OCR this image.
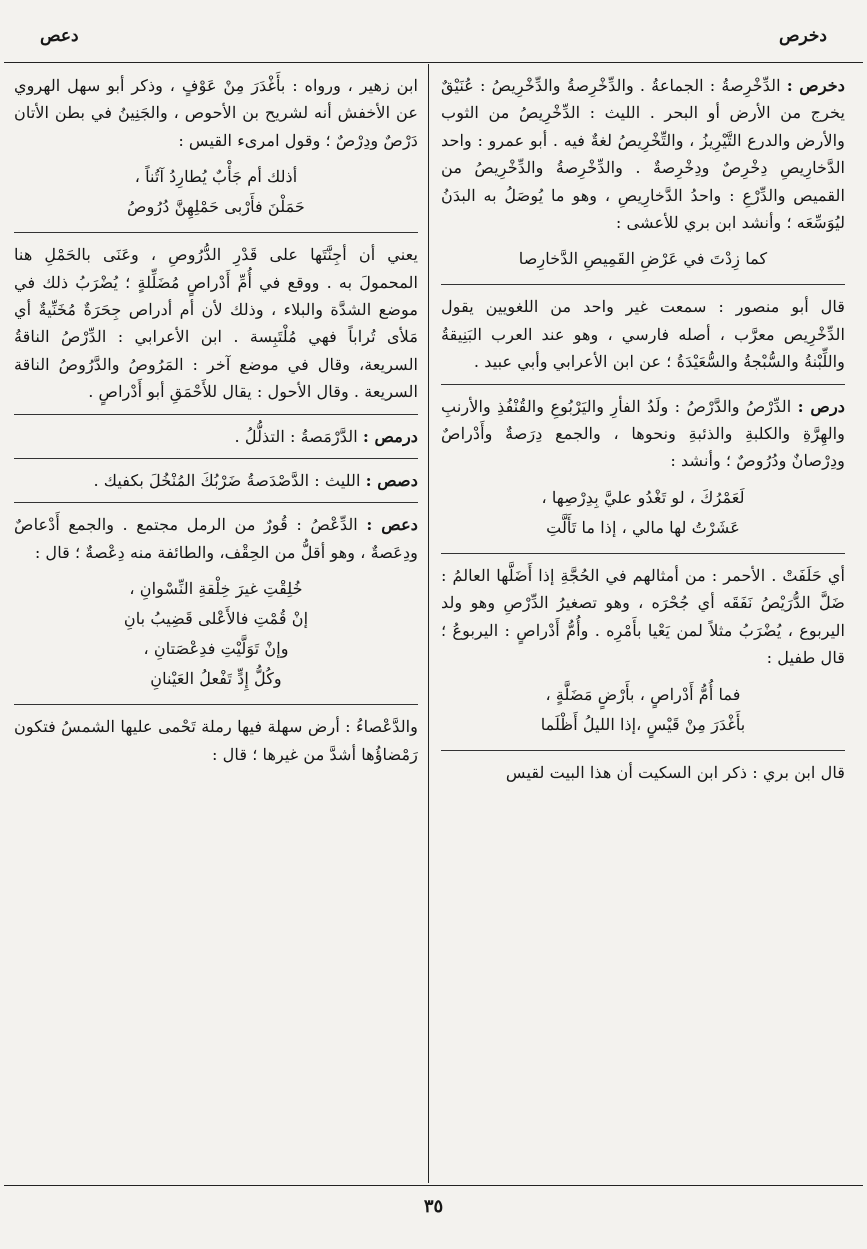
دخرص
دعص

دخرص : الدِّخْرِصةُ : الجماعةُ . والدِّخْرِصةُ والدِّخْرِيصُ : عُنَيْقٌ يخرج من الأرض أو البحر . الليث : الدِّخْرِيصُ من الثوب والأرض والدرع التَّيْرِيزُ ، والتِّخْرِيصُ لغةٌ فيه . أبو عمرو : واحد الدَّخارِيصِ دِخْرِصٌ ودِخْرِصةٌ . والدِّخْرِصةُ والدِّخْرِيصُ من القميص والدِّرْعِ : واحدُ الدَّخارِيصِ ، وهو ما يُوصَلُ به البدَنُ ليُوَسِّعَه ؛ وأنشد ابن بري للأعشى :

كما زِدْتَ في عَرْضِ القَمِيصِ الدَّخارِصا

قال أبو منصور : سمعت غير واحد من اللغويين يقول الدِّخْرِيص معرَّب ، أصله فارسي ، وهو عند العرب البَنِيقةُ واللِّبْنةُ والسُّبْجةُ والسُّعَيْدَةُ ؛ عن ابن الأعرابي وأبي عبيد .

درص : الدِّرْصُ والدَّرْصُ : ولَدُ الفأرِ واليَرْبُوعِ والقُنْفُذِ والأرنبِ والهِرَّةِ والكلبةِ والذئبةِ ونحوها ، والجمع دِرَصةٌ وأَدْراصٌ ودِرْصانٌ ودُرُوصٌ ؛ وأنشد :

لَعَمْرُكَ ، لو تَغْدُو عليَّ بِدِرْصِها ،
عَشَرْتُ لها مالي ، إذا ما تَأَلَّتِ

أي حَلَفَتْ . الأحمر : من أمثالهم في الحُجَّةِ إذا أَضَلَّها العالمُ : ضَلَّ الدُّرَيْصُ نَفَقَه أي جُحْرَه ، وهو تصغيرُ الدِّرْصِ وهو ولد اليربوع ، يُضْرَبُ مثلاً لمن يَعْيا بأَمْرِه . وأُمُّ أَدْراصٍ : اليربوعُ ؛ قال طفيل :

فما أُمُّ أَدْراصٍ ، بأَرْضٍ مَضَلَّةٍ ،
بأَغْدَرَ مِنْ قَيْسٍ ،إذا الليلُ أَظْلَما

قال ابن بري : ذكر ابن السكيت أن هذا البيت لقيس

ابن زهير ، ورواه : بأَغْدَرَ مِنْ عَوْفٍ ، وذكر أبو سهل الهروي عن الأخفش أنه لشريح بن الأحوص ، والجَنِينُ في بطن الأتان دَرْصٌ ودِرْصٌ ؛ وقول امرىء القيس :

أذلك أم جَأْبٌ يُطارِدُ آتُناً ،
حَمَلْنَ فأَرْبى حَمْلِهِنَّ دُرُوصُ

يعني أن أجِنَّتَها على قَدْرِ الدُّرُوصِ ، وعَنَى بالحَمْلِ هنا المحمولَ به . ووقع في أُمِّ أَدْراصٍ مُضَلِّلةٍ ؛ يُضْرَبُ ذلك في موضع الشدَّة والبلاء ، وذلك لأن أم أدراص جِحَرَةٌ مُخَنِّيةٌ أي مَلأى تُراباً فهي مُلْتَبِسة . ابن الأعرابي : الدِّرْصُ الناقةُ السريعة، وقال في موضع آخر : المَرُوصُ والدَّرُوصُ الناقة السريعة . وقال الأحول : يقال للأَحْمَقِ أبو أَدْراصٍ .

درمص : الدَّرْمَصةُ : التذلُّلُ .

دصص : الليث : الدَّصْدَصةُ ضَرْبُكَ المُنْخُلَ بكفيك .

دعص : الدِّعْصُ : قُورٌ من الرمل مجتمع . والجمع أَدْعاصٌ ودِعَصةٌ ، وهو أقلُّ من الحِقْف، والطائفة منه دِعْصةٌ ؛ قال :

خُلِقْتِ غيرَ خِلْقةِ النِّسْوانِ ،
إنْ قُمْتِ فالأَعْلى قَضِيبُ بانِ
وإنْ تَوَلَّيْتِ فدِعْصَتانِ ،
وكُلُّ إِدٍّ تَفْعلُ العَيْنانِ

والدَّعْصاءُ : أرض سهلة فيها رملة تَحْمى عليها الشمسُ فتكون رَمْضاؤُها أشدَّ من غيرها ؛ قال :

٣٥
